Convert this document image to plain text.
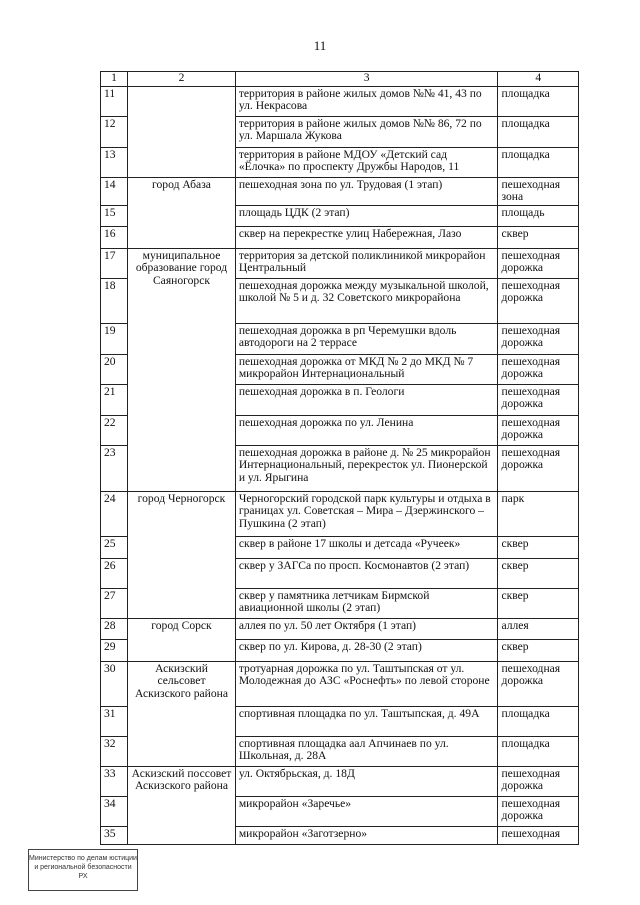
11
1	2	3	4
11		территория в районе жилых домов №№ 41, 43 по ул. Некрасова	площадка
12		территория в районе жилых домов №№ 86, 72 по ул. Маршала Жукова	площадка
13		территория в районе МДОУ «Детский сад «Ёлочка» по проспекту Дружбы Народов, 11	площадка
14	город Абаза	пешеходная зона по ул. Трудовая (1 этап)	пешеходная зона
15		площадь ЦДК (2 этап)	площадь
16		сквер на перекрестке улиц Набережная, Лазо	сквер
17	муниципальное образование город Саяногорск	территория за детской поликлиникой микрорайон Центральный	пешеходная дорожка
18		пешеходная дорожка между музыкальной школой, школой № 5 и д. 32 Советского микрорайона	пешеходная дорожка
19		пешеходная дорожка в рп Черемушки вдоль автодороги на 2 террасе	пешеходная дорожка
20		пешеходная дорожка от МКД № 2 до МКД № 7 микрорайон Интернациональный	пешеходная дорожка
21		пешеходная дорожка в п. Геологи	пешеходная дорожка
22		пешеходная дорожка по ул. Ленина	пешеходная дорожка
23		пешеходная дорожка в районе д. № 25 микрорайон Интернациональный, перекресток ул. Пионерской и ул. Ярыгина	пешеходная дорожка
24	город Черногорск	Черногорский городской парк культуры и отдыха в границах ул. Советская – Мира – Дзержинского – Пушкина (2 этап)	парк
25		сквер в районе 17 школы и детсада «Ручеек»	сквер
26		сквер у ЗАГСа по просп. Космонавтов (2 этап)	сквер
27		сквер у памятника летчикам Бирмской авиационной школы (2 этап)	сквер
28	город Сорск	аллея по ул. 50 лет Октября (1 этап)	аллея
29		сквер по ул. Кирова, д. 28-30 (2 этап)	сквер
30	Аскизский сельсовет Аскизского района	тротуарная дорожка по ул. Таштыпская от ул. Молодежная до АЗС «Роснефть» по левой стороне	пешеходная дорожка
31		спортивная площадка по ул. Таштыпская, д. 49А	площадка
32		спортивная площадка аал Апчинаев по ул. Школьная, д. 28А	площадка
33	Аскизский поссовет Аскизского района	ул. Октябрьская, д. 18Д	пешеходная дорожка
34		микрорайон «Заречье»	пешеходная дорожка
35		микрорайон «Заготзерно»	пешеходная
Министерство по делам юстиции и региональной безопасности РХ
